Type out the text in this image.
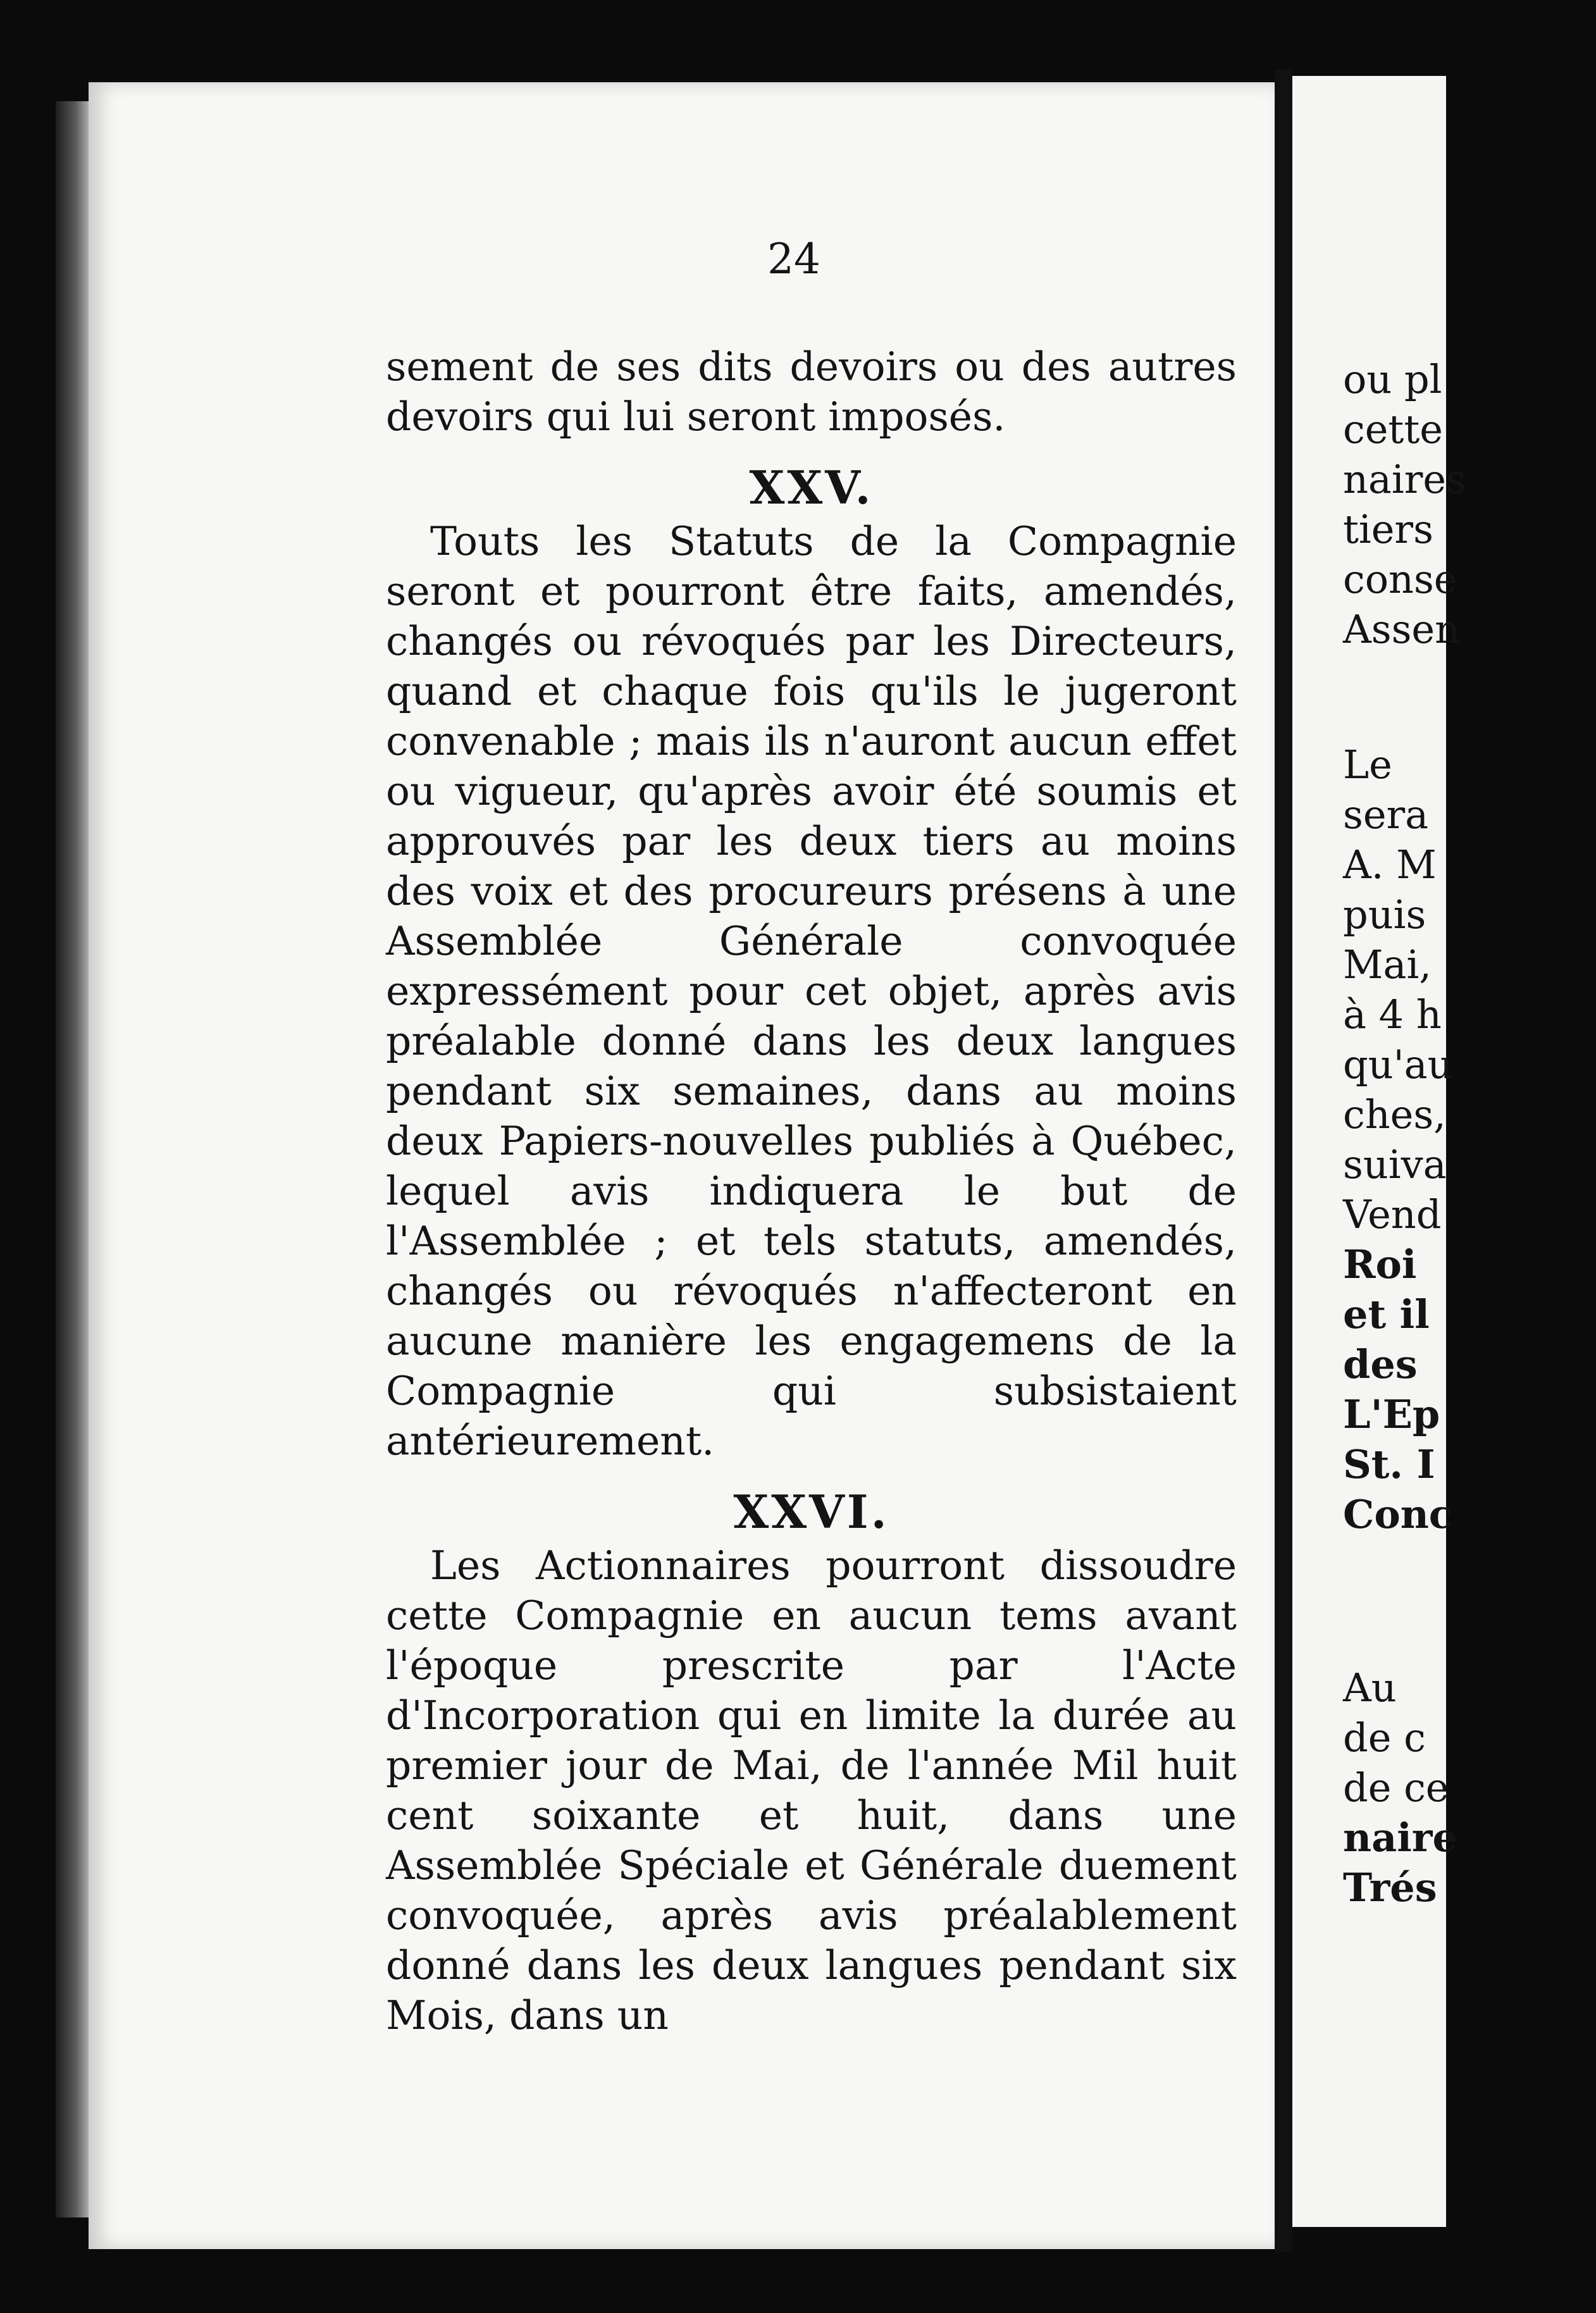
24

sement de ses dits devoirs ou des autres devoirs qui lui seront imposés.

XXV.

Touts les Statuts de la Compagnie seront et pourront être faits, amendés, changés ou révoqués par les Directeurs, quand et chaque fois qu'ils le jugeront convenable ; mais ils n'auront aucun effet ou vigueur, qu'après avoir été soumis et approuvés par les deux tiers au moins des voix et des procureurs présens à une Assemblée Générale convoquée expressément pour cet objet, après avis préalable donné dans les deux langues pendant six semaines, dans au moins deux Papiers-nouvelles publiés à Québec, lequel avis indiquera le but de l'Assemblée ; et tels statuts, amendés, changés ou révoqués n'affecteront en aucune manière les engagemens de la Compagnie qui subsistaient antérieurement.

XXVI.

Les Actionnaires pourront dissoudre cette Compagnie en aucun tems avant l'époque prescrite par l'Acte d'Incorporation qui en limite la durée au premier jour de Mai, de l'année Mil huit cent soixante et huit, dans une Assemblée Spéciale et Générale duement convoquée, après avis préalablement donné dans les deux langues pendant six Mois, dans un

ou pl

cette

naires

tiers

conse

Assen

Le

sera

A. M

puis

Mai,

à 4 h

qu'au

ches,

suiva

Vend

Roi

et il

des

L'Ep

St. I

Conc

Au

de c

de ce

naire

Trés
